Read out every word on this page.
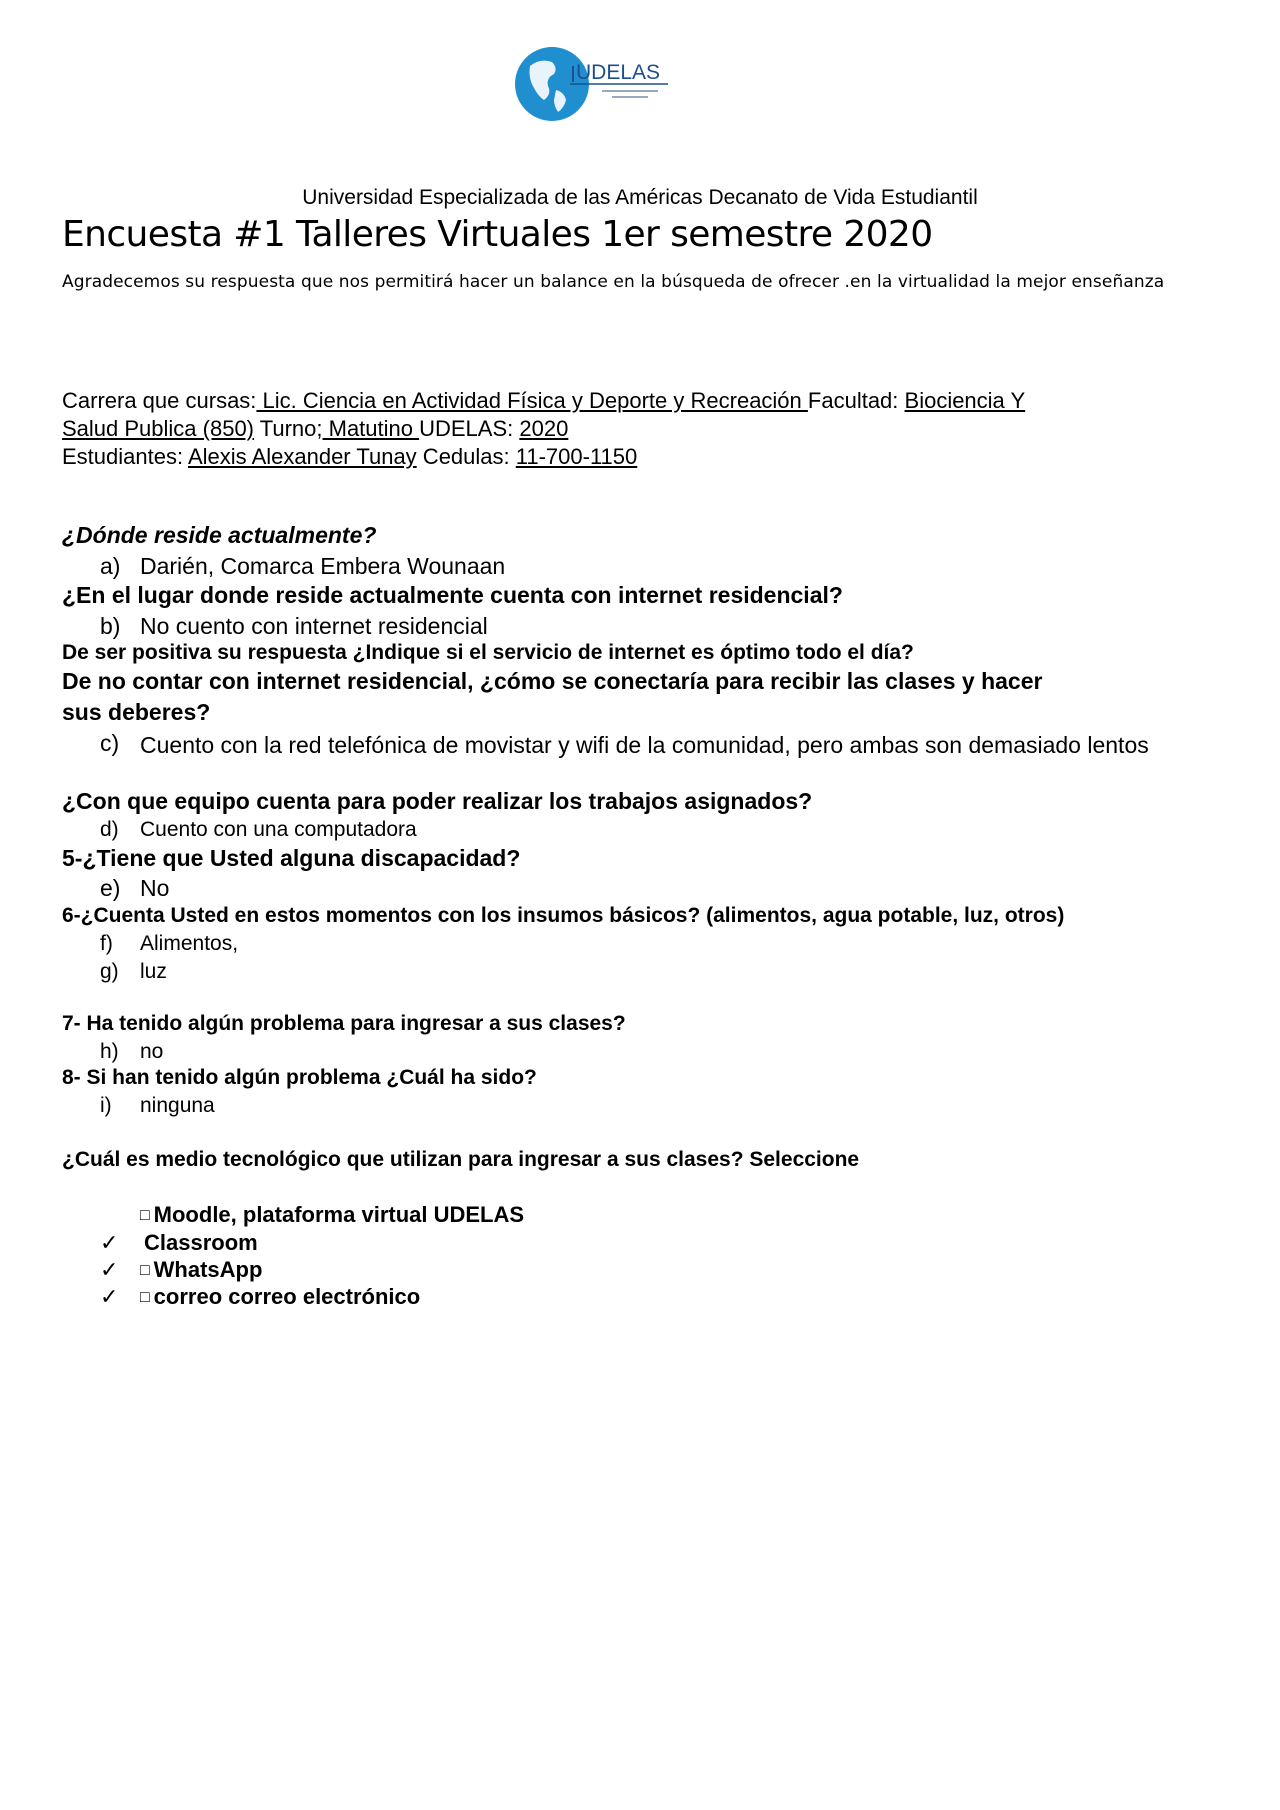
UDELAS
Universidad Especializada de las Américas Decanato de Vida Estudiantil
Encuesta #1 Talleres Virtuales 1er semestre 2020
Agradecemos su respuesta que nos permitirá hacer un balance en la búsqueda de ofrecer .en la virtualidad la mejor enseñanza
Carrera que cursas: Lic. Ciencia en Actividad Física y Deporte y Recreación Facultad: Biociencia Y
Salud Publica (850) Turno; Matutino UDELAS: 2020
Estudiantes: Alexis Alexander Tunay Cedulas: 11-700-1150
¿Dónde reside actualmente?
a) Darién, Comarca Embera Wounaan
¿En el lugar donde reside actualmente cuenta con internet residencial?
b) No cuento con internet residencial
De ser positiva su respuesta ¿Indique si el servicio de internet es óptimo todo el día?
De no contar con internet residencial, ¿cómo se conectaría para recibir las clases y hacer
sus deberes?
c) Cuento con la red telefónica de movistar y wifi de la comunidad, pero ambas son demasiado lentos
¿Con que equipo cuenta para poder realizar los trabajos asignados?
d) Cuento con una computadora
5-¿Tiene que Usted alguna discapacidad?
e) No
6-¿Cuenta Usted en estos momentos con los insumos básicos? (alimentos, agua potable, luz, otros)
f) Alimentos,
g) luz
7- Ha tenido algún problema para ingresar a sus clases?
h) no
8- Si han tenido algún problema ¿Cuál ha sido?
i) ninguna
¿Cuál es medio tecnológico que utilizan para ingresar a sus clases? Seleccione
□ Moodle, plataforma virtual UDELAS
✓ Classroom
✓ □ WhatsApp
✓ □ correo correo electrónico
